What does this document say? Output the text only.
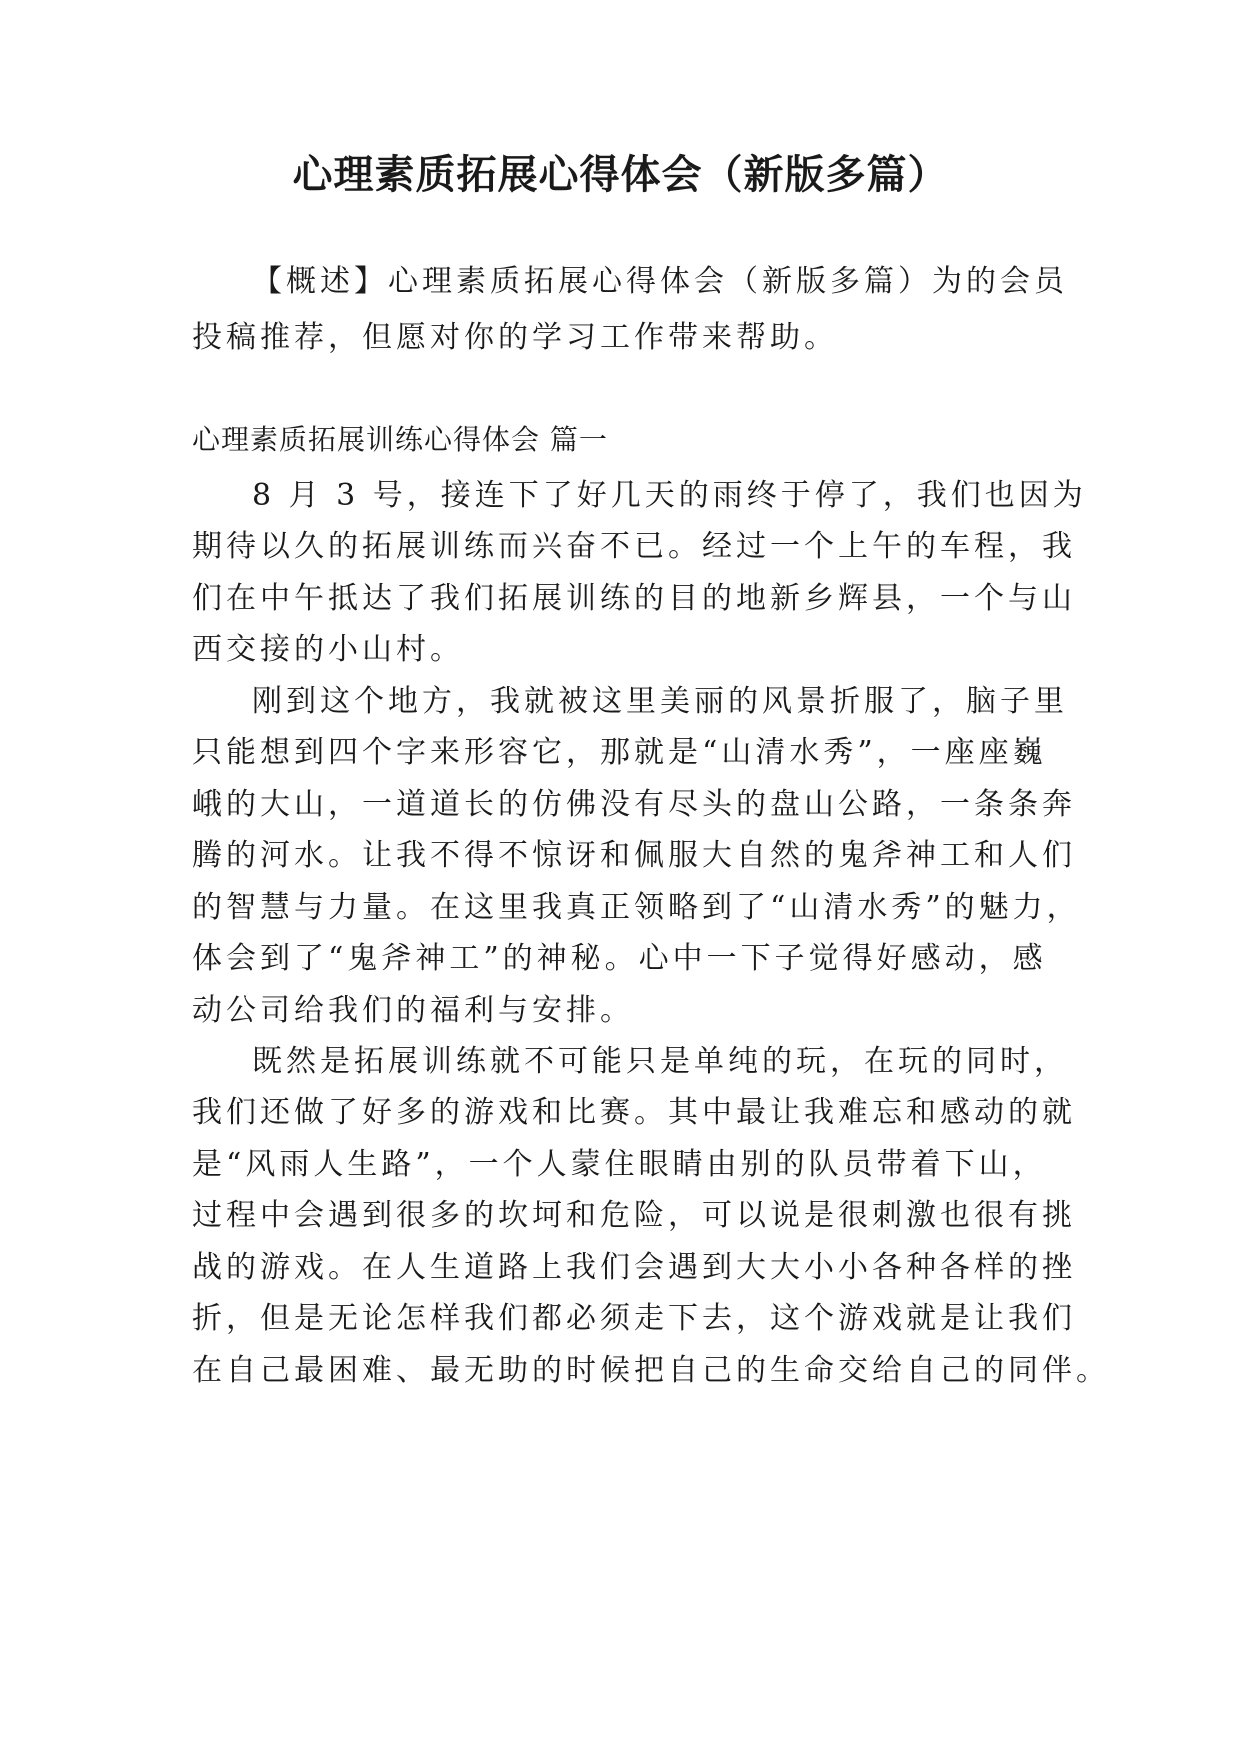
心理素质拓展心得体会（新版多篇）

【概述】心理素质拓展心得体会（新版多篇）为的会员

投稿推荐，但愿对你的学习工作带来帮助。

心理素质拓展训练心得体会 篇一

8 月 3 号，接连下了好几天的雨终于停了，我们也因为

期待以久的拓展训练而兴奋不已。经过一个上午的车程，我

们在中午抵达了我们拓展训练的目的地新乡辉县，一个与山

西交接的小山村。

刚到这个地方，我就被这里美丽的风景折服了，脑子里

只能想到四个字来形容它，那就是“山清水秀”，一座座巍

峨的大山，一道道长的仿佛没有尽头的盘山公路，一条条奔

腾的河水。让我不得不惊讶和佩服大自然的鬼斧神工和人们

的智慧与力量。在这里我真正领略到了“山清水秀”的魅力，

体会到了“鬼斧神工”的神秘。心中一下子觉得好感动，感

动公司给我们的福利与安排。

既然是拓展训练就不可能只是单纯的玩，在玩的同时，

我们还做了好多的游戏和比赛。其中最让我难忘和感动的就

是“风雨人生路”，一个人蒙住眼睛由别的队员带着下山，

过程中会遇到很多的坎坷和危险，可以说是很刺激也很有挑

战的游戏。在人生道路上我们会遇到大大小小各种各样的挫

折，但是无论怎样我们都必须走下去，这个游戏就是让我们

在自己最困难、最无助的时候把自己的生命交给自己的同伴。
